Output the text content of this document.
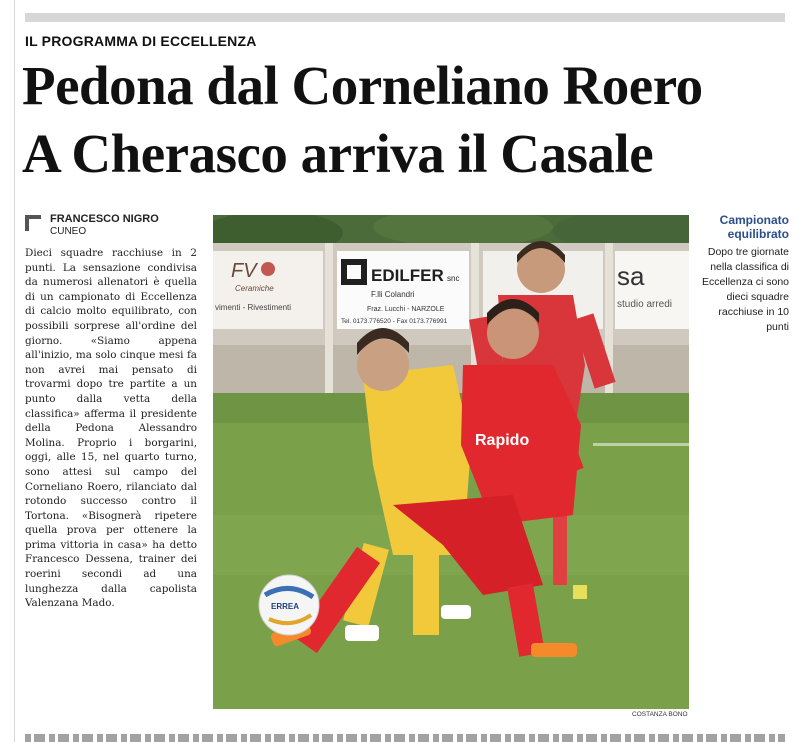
IL PROGRAMMA DI ECCELLENZA
Pedona dal Corneliano Roero
A Cherasco arriva il Casale
FRANCESCO NIGRO
CUNEO
Dieci squadre racchiuse in 2 punti. La sensazione condivisa da numerosi allenatori è quella di un campionato di Eccellenza di calcio molto equilibrato, con possibili sorprese all'ordine del giorno. «Siamo appena all'inizio, ma solo cinque mesi fa non avrei mai pensato di trovarmi dopo tre partite a un punto dalla vetta della classifica» afferma il presidente della Pedona Alessandro Molina. Proprio i borgarini, oggi, alle 15, nel quarto turno, sono attesi sul campo del Corneliano Roero, rilanciato dal rotondo successo contro il Tortona. «Bisognerà ripetere quella prova per ottenere la prima vittoria in casa» ha detto Francesco Dessena, trainer dei roerini secondi ad una lunghezza dalla capolista Valenzana Mado.
FV
Ceramiche
vimenti - Rivestimenti
EDILFER snc
F.lli Colandri
Fraz. Lucchi - NARZOLE
Tel. 0173.776520 - Fax 0173.776991
sa
studio arredi
Rapido
ERREA
COSTANZA BONO
Campionato equilibrato
Dopo tre giornate nella classifica di Eccellenza ci sono dieci squadre racchiuse in 10 punti
